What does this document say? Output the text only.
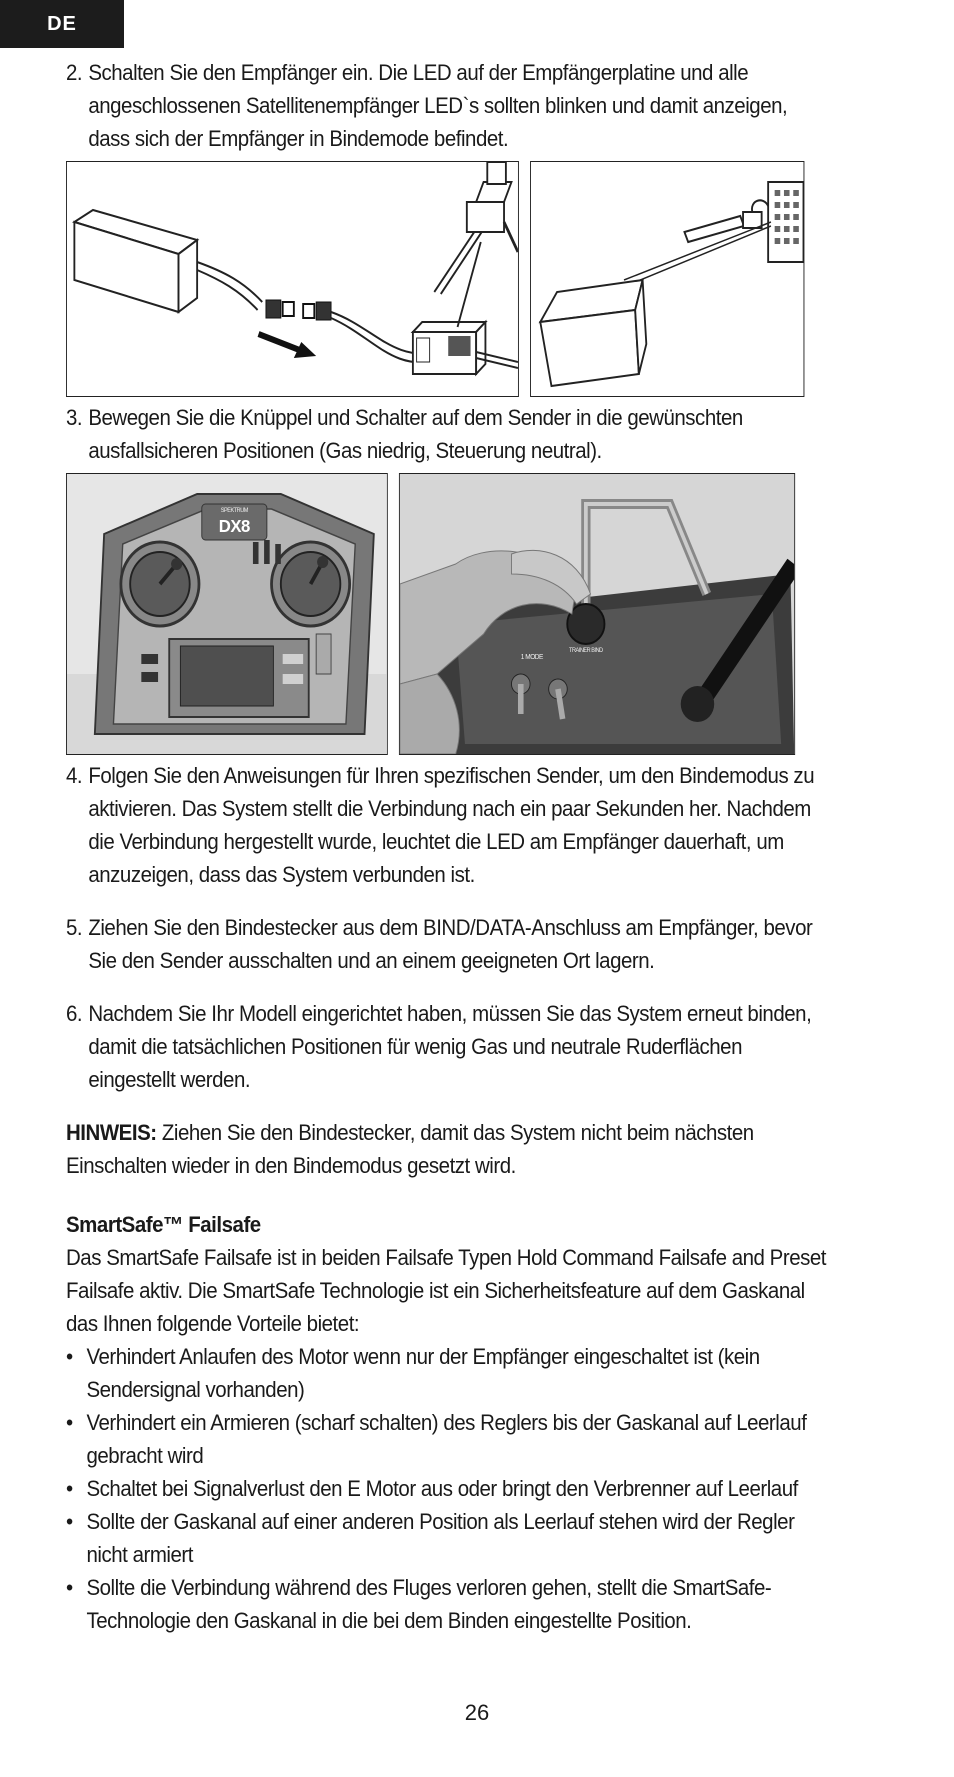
DE
2. Schalten Sie den Empfänger ein. Die LED auf der Empfängerplatine und alle angeschlossenen Satellitenempfänger LED`s sollten blinken und damit anzeigen, dass sich der Empfänger in Bindemode befindet.
3. Bewegen Sie die Knüppel und Schalter auf dem Sender in die gewünschten ausfallsicheren Positionen (Gas niedrig, Steuerung neutral).
SPEKTRUM
DX8
TRAINER BIND
1 MODE
4. Folgen Sie den Anweisungen für Ihren spezifischen Sender, um den Bindemodus zu aktivieren. Das System stellt die Verbindung nach ein paar Sekunden her. Nachdem die Verbindung hergestellt wurde, leuchtet die LED am Empfänger dauerhaft, um anzuzeigen, dass das System verbunden ist.
5. Ziehen Sie den Bindestecker aus dem BIND/DATA-Anschluss am Empfänger, bevor Sie den Sender ausschalten und an einem geeigneten Ort lagern.
6. Nachdem Sie Ihr Modell eingerichtet haben, müssen Sie das System erneut binden, damit die tatsächlichen Positionen für wenig Gas und neutrale Ruderflächen eingestellt werden.
HINWEIS: Ziehen Sie den Bindestecker, damit das System nicht beim nächsten Einschalten wieder in den Bindemodus gesetzt wird.
SmartSafe™ Failsafe
Das SmartSafe Failsafe ist in beiden Failsafe Typen Hold Command Failsafe and Preset Failsafe aktiv. Die SmartSafe Technologie ist ein Sicherheitsfeature auf dem Gaskanal das Ihnen folgende Vorteile bietet:
• Verhindert Anlaufen des Motor wenn nur der Empfänger eingeschaltet ist (kein Sendersignal vorhanden)
• Verhindert ein Armieren (scharf schalten) des Reglers bis der Gaskanal auf Leerlauf gebracht wird
• Schaltet bei Signalverlust den E Motor aus oder bringt den Verbrenner auf Leerlauf
• Sollte der Gaskanal auf einer anderen Position als Leerlauf stehen wird der Regler nicht armiert
• Sollte die Verbindung während des Fluges verloren gehen, stellt die SmartSafe-Technologie den Gaskanal in die bei dem Binden eingestellte Position.
26
